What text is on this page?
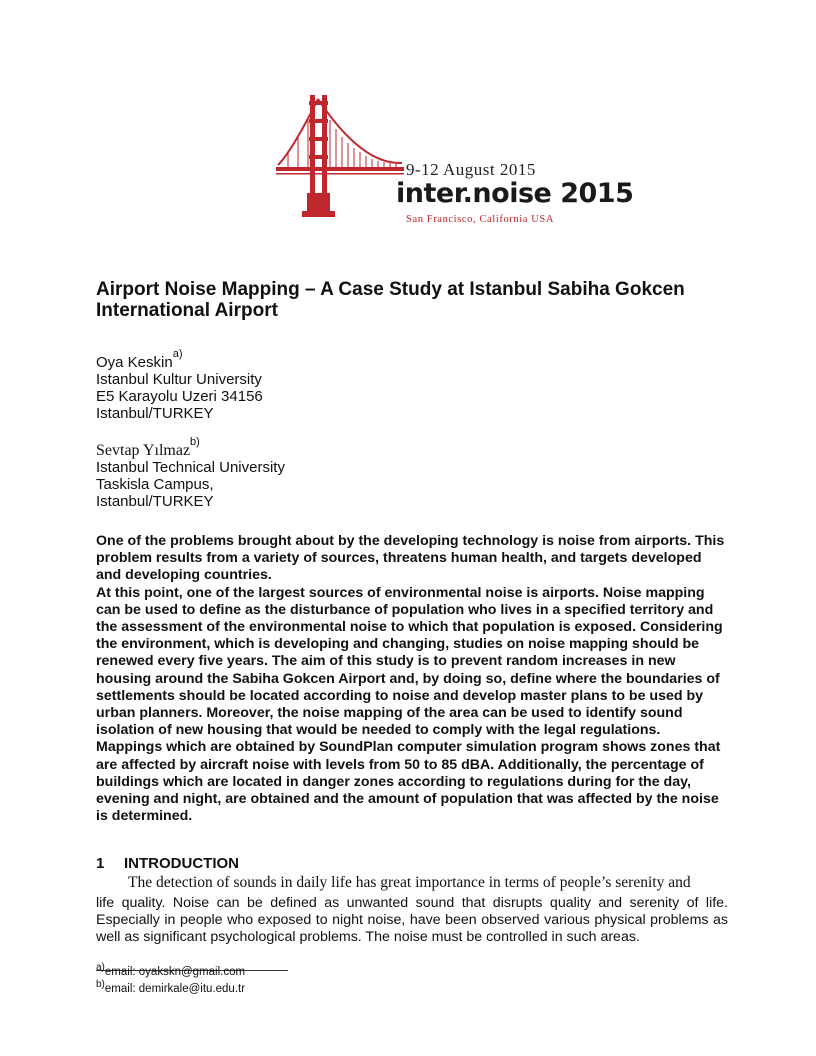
9-12 August 2015
inter.noise 2015
San Francisco, California USA
Airport Noise Mapping – A Case Study at Istanbul Sabiha Gokcen International Airport
Oya Keskin$^{a)}$
Istanbul Kultur University
E5 Karayolu Uzeri 34156
Istanbul/TURKEY
Sevtap Yılmaz$^{b)}$
Istanbul Technical University
Taskisla Campus,
Istanbul/TURKEY

One of the problems brought about by the developing technology is noise from airports. This problem results from a variety of sources, threatens human health, and targets developed and developing countries.

At this point, one of the largest sources of environmental noise is airports. Noise mapping can be used to define as the disturbance of population who lives in a specified territory and the assessment of the environmental noise to which that population is exposed. Considering the environment, which is developing and changing, studies on noise mapping should be renewed every five years. The aim of this study is to prevent random increases in new housing around the Sabiha Gokcen Airport and, by doing so, define where the boundaries of settlements should be located according to noise and develop master plans to be used by urban planners. Moreover, the noise mapping of the area can be used to identify sound isolation of new housing that would be needed to comply with the legal regulations. Mappings which are obtained by SoundPlan computer simulation program shows zones that are affected by aircraft noise with levels from 50 to 85 dBA. Additionally, the percentage of buildings which are located in danger zones according to regulations during for the day, evening and night, are obtained and the amount of population that was affected by the noise is determined.

1 INTRODUCTION
The detection of sounds in daily life has great importance in terms of people’s serenity and
life quality. Noise can be defined as unwanted sound that disrupts quality and serenity of life. Especially in people who exposed to night noise, have been observed various physical problems as well as significant psychological problems. The noise must be controlled in such areas.
$^{a)}$email: oyakskn@gmail.com
$^{b)}$email: demirkale@itu.edu.tr
